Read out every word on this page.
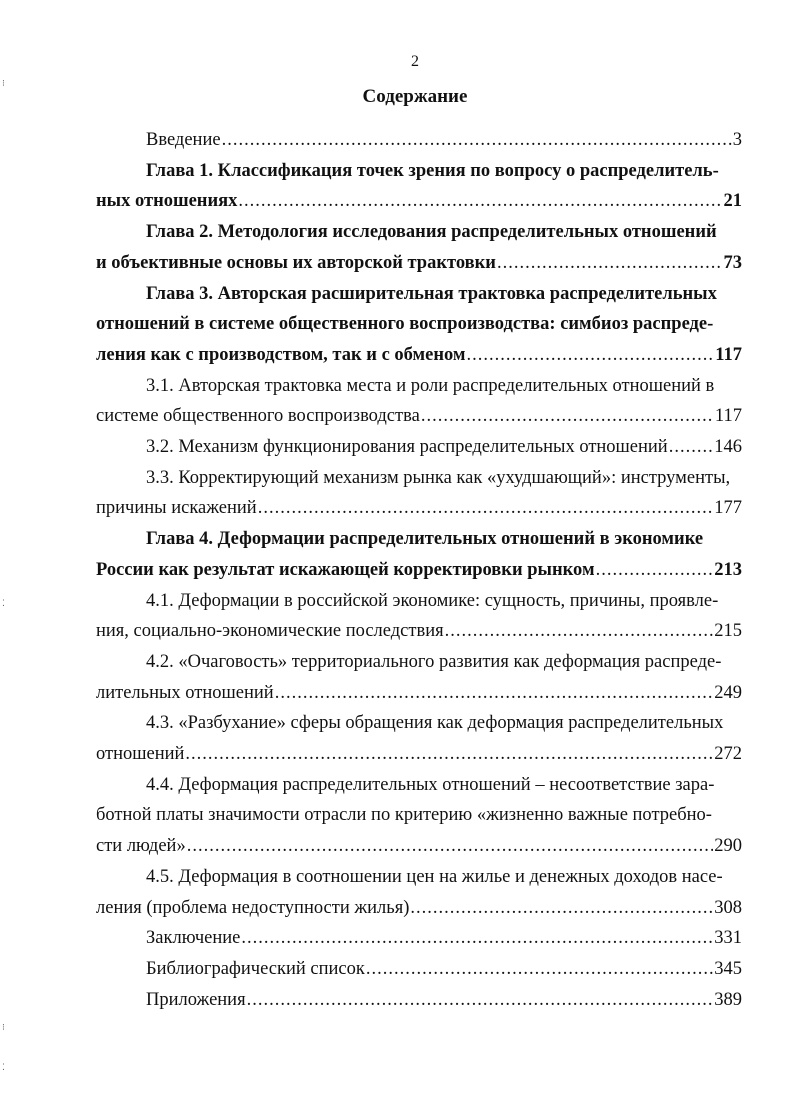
2
Содержание
Введение .....	3
Глава 1. Классификация точек зрения по вопросу о распределитель-
ных отношениях .....	21
Глава 2. Методология исследования распределительных отношений
и объективные основы их авторской трактовки .....	73
Глава 3. Авторская расширительная трактовка распределительных
отношений в системе общественного воспроизводства: симбиоз распреде-
ления как с производством, так и с обменом .....	117
3.1. Авторская трактовка места и роли распределительных отношений в
системе общественного воспроизводства .....	117
3.2. Механизм функционирования распределительных отношений .....	146
3.3. Корректирующий механизм рынка как «ухудшающий»: инструменты,
причины искажений .....	177
Глава 4. Деформации распределительных отношений в экономике
России как результат искажающей корректировки рынком .....	213
4.1. Деформации в российской экономике: сущность, причины, проявле-
ния, социально-экономические последствия .....	215
4.2. «Очаговость» территориального развития как деформация распреде-
лительных отношений .....	249
4.3. «Разбухание» сферы обращения как деформация распределительных
отношений .....	272
4.4. Деформация распределительных отношений – несоответствие зара-
ботной платы значимости отрасли по критерию «жизненно важные потребно-
сти людей» .....	290
4.5. Деформация в соотношении цен на жилье и денежных доходов насе-
ления (проблема недоступности жилья) .....	308
Заключение .....	331
Библиографический список .....	345
Приложения .....	389
⁝
⁚
⁝
⁚
